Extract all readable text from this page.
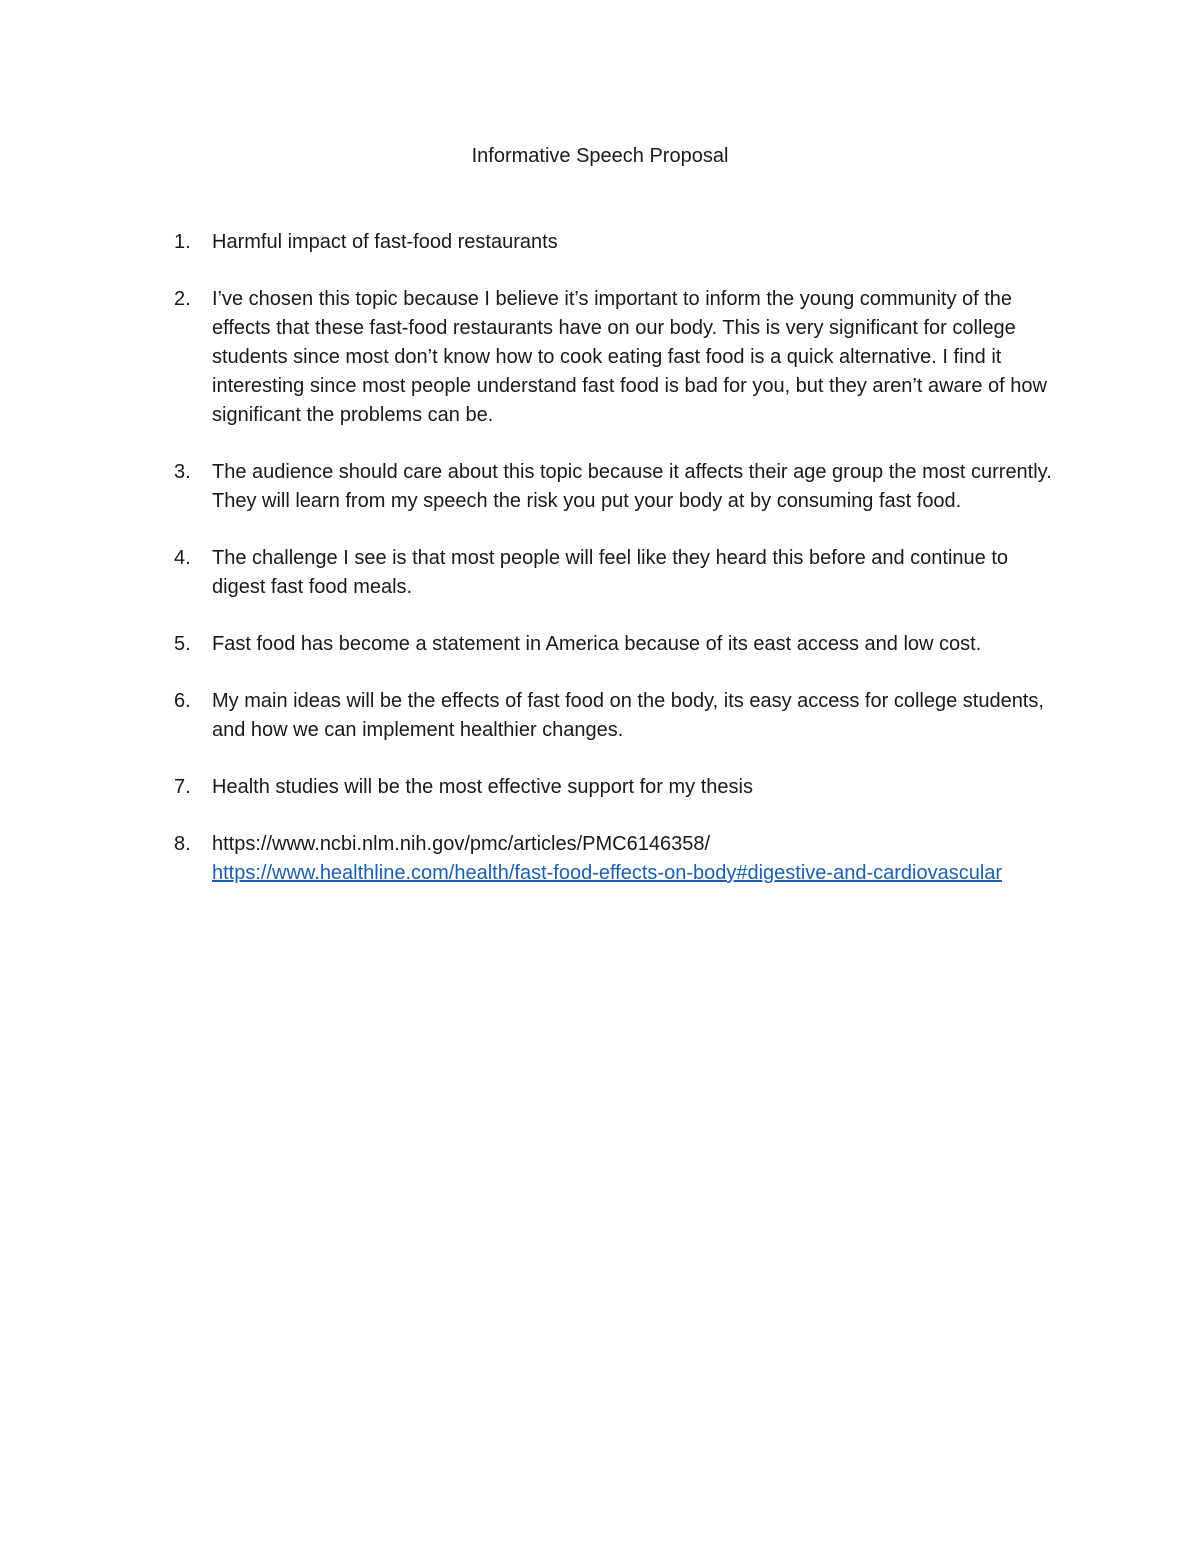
Informative Speech Proposal
1.	Harmful impact of fast-food restaurants
2.	I’ve chosen this topic because I believe it’s important to inform the young community of the effects that these fast-food restaurants have on our body. This is very significant for college students since most don’t know how to cook eating fast food is a quick alternative. I find it interesting since most people understand fast food is bad for you, but they aren’t aware of how significant the problems can be.
3.	The audience should care about this topic because it affects their age group the most currently. They will learn from my speech the risk you put your body at by consuming fast food.
4.	The challenge I see is that most people will feel like they heard this before and continue to digest fast food meals.
5.	Fast food has become a statement in America because of its east access and low cost.
6.	My main ideas will be the effects of fast food on the body, its easy access for college students, and how we can implement healthier changes.
7.	Health studies will be the most effective support for my thesis
8.	https://www.ncbi.nlm.nih.gov/pmc/articles/PMC6146358/
https://www.healthline.com/health/fast-food-effects-on-body#digestive-and-cardiovascular
